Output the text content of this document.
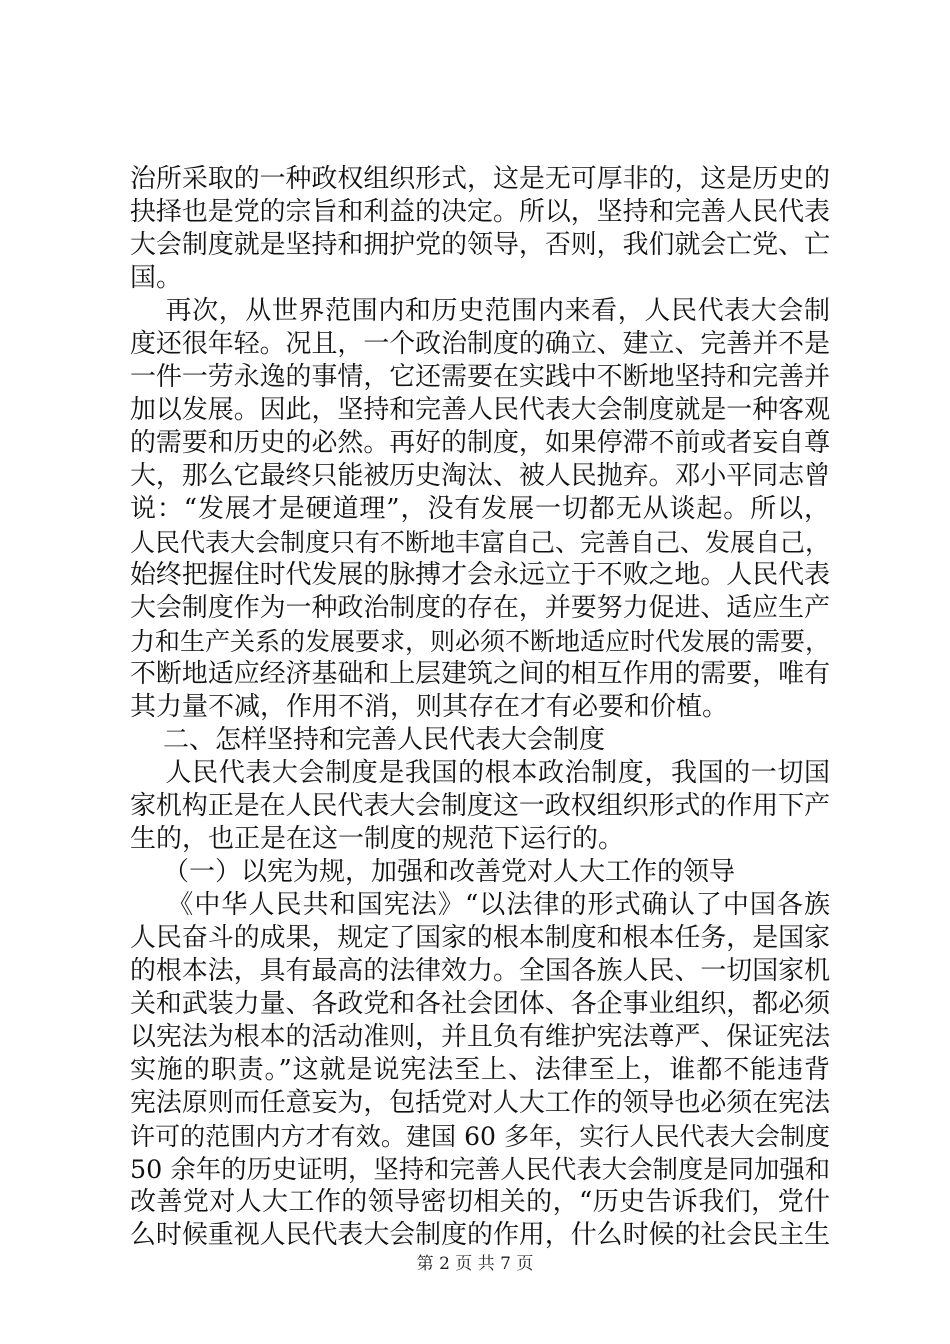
治所采取的一种政权组织形式，这是无可厚非的，这是历史的
抉择也是党的宗旨和利益的决定。所以，坚持和完善人民代表
大会制度就是坚持和拥护党的领导，否则，我们就会亡党、亡
国。
再次，从世界范围内和历史范围内来看，人民代表大会制
度还很年轻。况且，一个政治制度的确立、建立、完善并不是
一件一劳永逸的事情，它还需要在实践中不断地坚持和完善并
加以发展。因此，坚持和完善人民代表大会制度就是一种客观
的需要和历史的必然。再好的制度，如果停滞不前或者妄自尊
大，那么它最终只能被历史淘汰、被人民抛弃。邓小平同志曾
说：“发展才是硬道理”，没有发展一切都无从谈起。所以，
人民代表大会制度只有不断地丰富自己、完善自己、发展自己，
始终把握住时代发展的脉搏才会永远立于不败之地。人民代表
大会制度作为一种政治制度的存在，并要努力促进、适应生产
力和生产关系的发展要求，则必须不断地适应时代发展的需要，
不断地适应经济基础和上层建筑之间的相互作用的需要，唯有
其力量不减，作用不消，则其存在才有必要和价植。
二、怎样坚持和完善人民代表大会制度
人民代表大会制度是我国的根本政治制度，我国的一切国
家机构正是在人民代表大会制度这一政权组织形式的作用下产
生的，也正是在这一制度的规范下运行的。
（一）以宪为规，加强和改善党对人大工作的领导
《中华人民共和国宪法》“以法律的形式确认了中国各族
人民奋斗的成果，规定了国家的根本制度和根本任务，是国家
的根本法，具有最高的法律效力。全国各族人民、一切国家机
关和武装力量、各政党和各社会团体、各企事业组织，都必须
以宪法为根本的活动准则，并且负有维护宪法尊严、保证宪法
实施的职责。”这就是说宪法至上、法律至上，谁都不能违背
宪法原则而任意妄为，包括党对人大工作的领导也必须在宪法
许可的范围内方才有效。建国 60 多年，实行人民代表大会制度
50 余年的历史证明，坚持和完善人民代表大会制度是同加强和
改善党对人大工作的领导密切相关的，“历史告诉我们，党什
么时候重视人民代表大会制度的作用，什么时候的社会民主生
第 2 页 共 7 页
